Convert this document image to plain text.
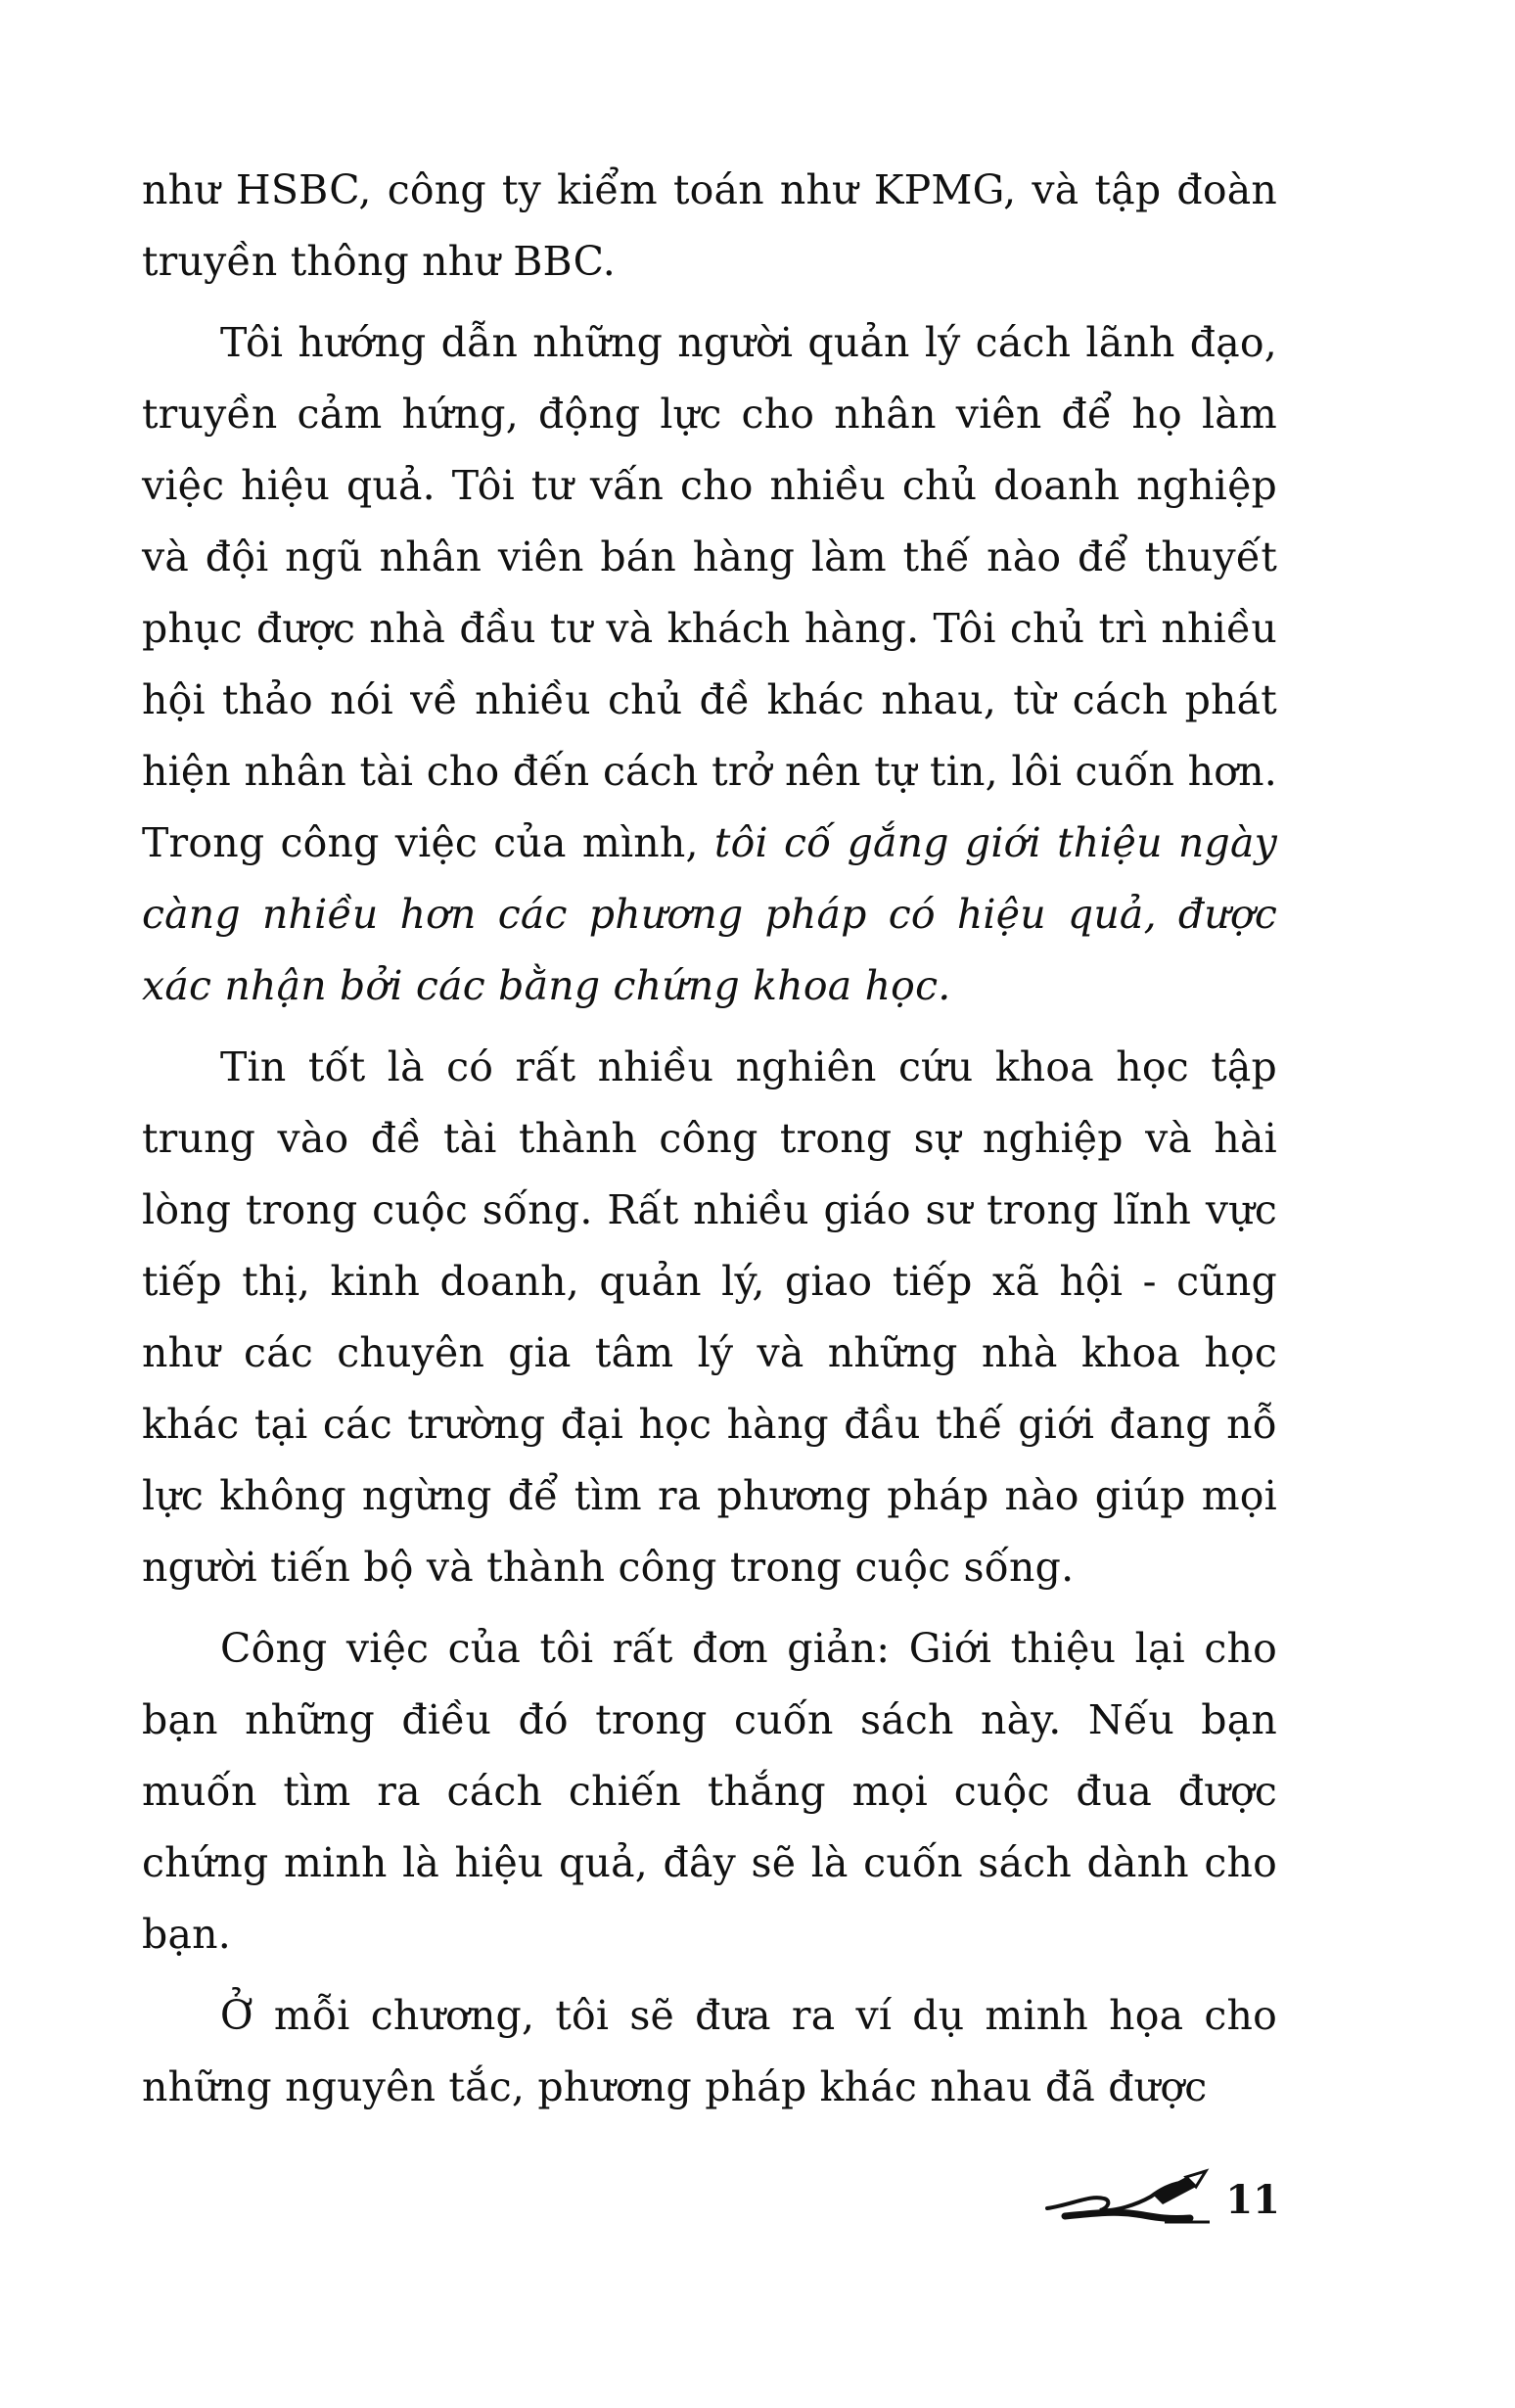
như HSBC, công ty kiểm toán như KPMG, và tập đoàn truyền thông như BBC.

Tôi hướng dẫn những người quản lý cách lãnh đạo, truyền cảm hứng, động lực cho nhân viên để họ làm việc hiệu quả. Tôi tư vấn cho nhiều chủ doanh nghiệp và đội ngũ nhân viên bán hàng làm thế nào để thuyết phục được nhà đầu tư và khách hàng. Tôi chủ trì nhiều hội thảo nói về nhiều chủ đề khác nhau, từ cách phát hiện nhân tài cho đến cách trở nên tự tin, lôi cuốn hơn. Trong công việc của mình, tôi cố gắng giới thiệu ngày càng nhiều hơn các phương pháp có hiệu quả, được xác nhận bởi các bằng chứng khoa học.

Tin tốt là có rất nhiều nghiên cứu khoa học tập trung vào đề tài thành công trong sự nghiệp và hài lòng trong cuộc sống. Rất nhiều giáo sư trong lĩnh vực tiếp thị, kinh doanh, quản lý, giao tiếp xã hội - cũng như các chuyên gia tâm lý và những nhà khoa học khác tại các trường đại học hàng đầu thế giới đang nỗ lực không ngừng để tìm ra phương pháp nào giúp mọi người tiến bộ và thành công trong cuộc sống.

Công việc của tôi rất đơn giản: Giới thiệu lại cho bạn những điều đó trong cuốn sách này. Nếu bạn muốn tìm ra cách chiến thắng mọi cuộc đua được chứng minh là hiệu quả, đây sẽ là cuốn sách dành cho bạn.

Ở mỗi chương, tôi sẽ đưa ra ví dụ minh họa cho những nguyên tắc, phương pháp khác nhau đã được

11
